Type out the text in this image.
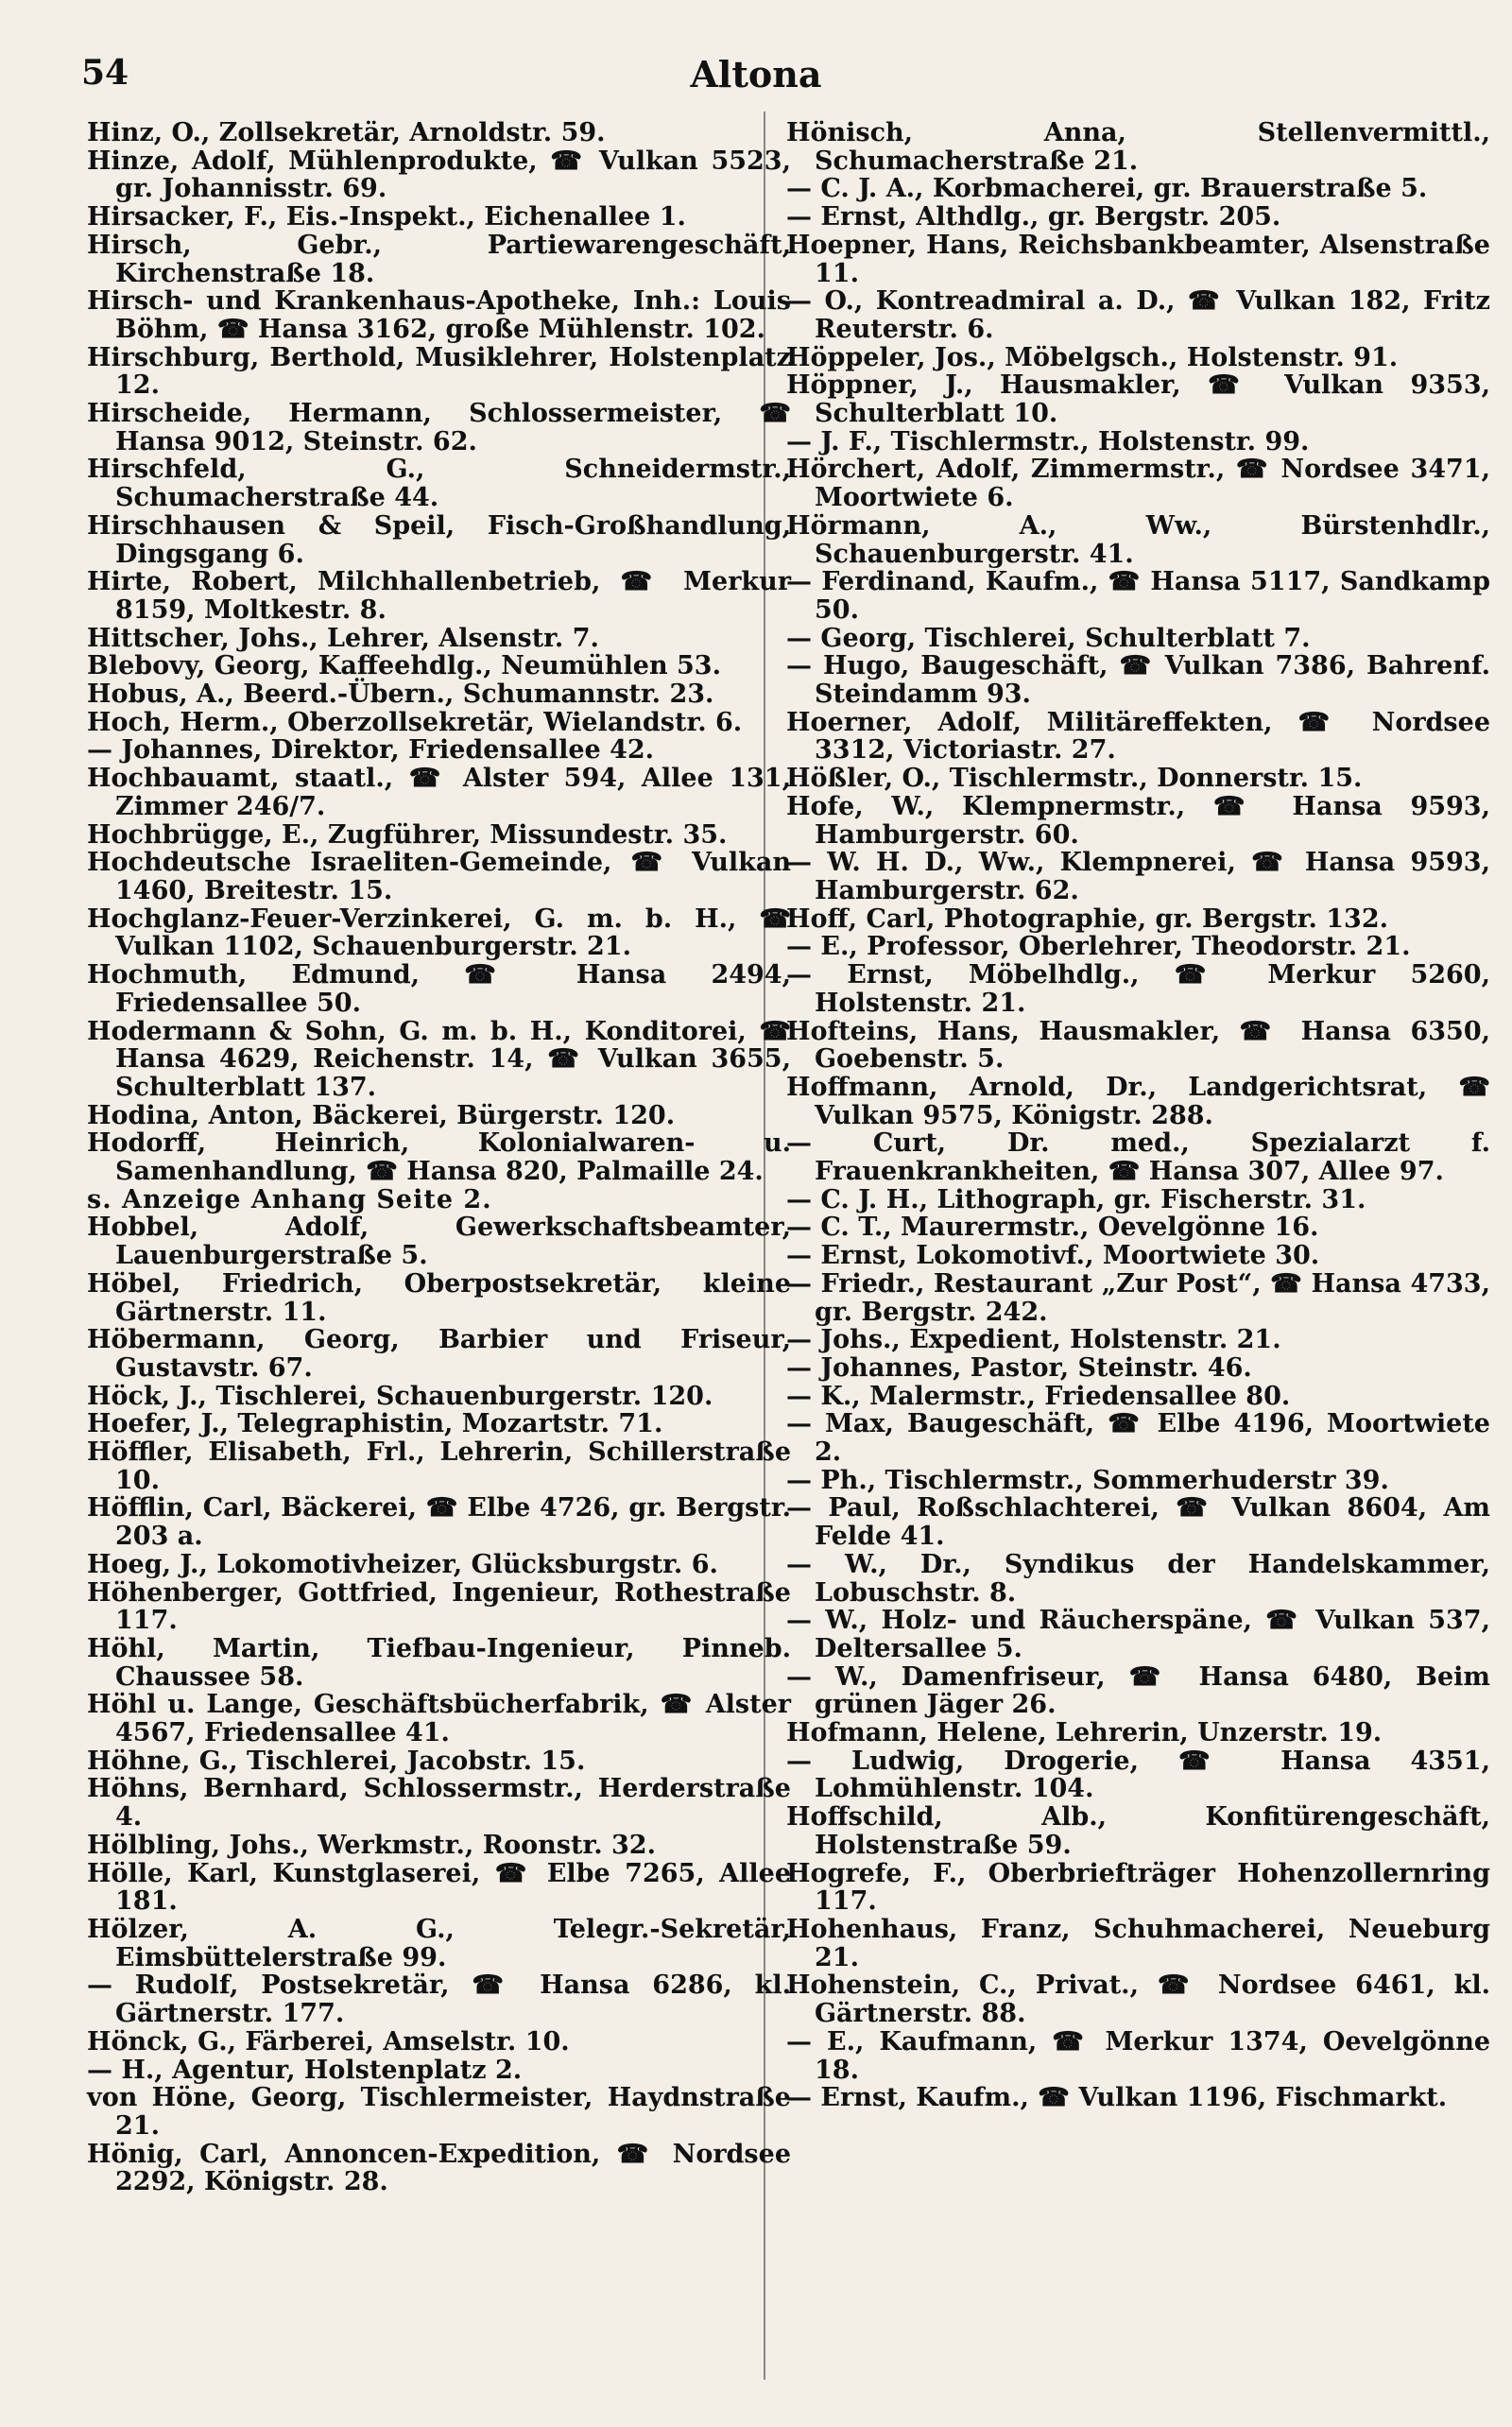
54	Altona
Hinz, O., Zollsekretär, Arnoldstr. 59.
Hinze, Adolf, Mühlenprodukte, ☎ Vulkan 5523, gr. Johannisstr. 69.
Hirsacker, F., Eis.-Inspekt., Eichenallee 1.
Hirsch, Gebr., Partiewarengeschäft, Kirchenstraße 18.
Hirsch- und Krankenhaus-Apotheke, Inh.: Louis Böhm, ☎ Hansa 3162, große Mühlenstr. 102.
Hirschburg, Berthold, Musiklehrer, Holstenplatz 12.
Hirscheide, Hermann, Schlossermeister, ☎ Hansa 9012, Steinstr. 62.
Hirschfeld, G., Schneidermstr., Schumacherstraße 44.
Hirschhausen & Speil, Fisch-Großhandlung, Dingsgang 6.
Hirte, Robert, Milchhallenbetrieb, ☎ Merkur 8159, Moltkestr. 8.
Hittscher, Johs., Lehrer, Alsenstr. 7.
Blebovy, Georg, Kaffeehdlg., Neumühlen 53.
Hobus, A., Beerd.-Übern., Schumannstr. 23.
Hoch, Herm., Oberzollsekretär, Wielandstr. 6.
— Johannes, Direktor, Friedensallee 42.
Hochbauamt, staatl., ☎ Alster 594, Allee 131, Zimmer 246/7.
Hochbrügge, E., Zugführer, Missundestr. 35.
Hochdeutsche Israeliten-Gemeinde, ☎ Vulkan 1460, Breitestr. 15.
Hochglanz-Feuer-Verzinkerei, G. m. b. H., ☎ Vulkan 1102, Schauenburgerstr. 21.
Hochmuth, Edmund, ☎ Hansa 2494, Friedensallee 50.
Hodermann & Sohn, G. m. b. H., Konditorei, ☎ Hansa 4629, Reichenstr. 14, ☎ Vulkan 3655, Schulterblatt 137.
Hodina, Anton, Bäckerei, Bürgerstr. 120.
Hodorff, Heinrich, Kolonialwaren- u. Samenhandlung, ☎ Hansa 820, Palmaille 24.
s. Anzeige Anhang Seite 2.
Hobbel, Adolf, Gewerkschaftsbeamter, Lauenburgerstraße 5.
Höbel, Friedrich, Oberpostsekretär, kleine Gärtnerstr. 11.
Höbermann, Georg, Barbier und Friseur, Gustavstr. 67.
Höck, J., Tischlerei, Schauenburgerstr. 120.
Hoefer, J., Telegraphistin, Mozartstr. 71.
Höffler, Elisabeth, Frl., Lehrerin, Schillerstraße 10.
Höfflin, Carl, Bäckerei, ☎ Elbe 4726, gr. Bergstr. 203 a.
Hoeg, J., Lokomotivheizer, Glücksburgstr. 6.
Höhenberger, Gottfried, Ingenieur, Rothestraße 117.
Höhl, Martin, Tiefbau-Ingenieur, Pinneb. Chaussee 58.
Höhl u. Lange, Geschäftsbücherfabrik, ☎ Alster 4567, Friedensallee 41.
Höhne, G., Tischlerei, Jacobstr. 15.
Höhns, Bernhard, Schlossermstr., Herderstraße 4.
Hölbling, Johs., Werkmstr., Roonstr. 32.
Hölle, Karl, Kunstglaserei, ☎ Elbe 7265, Allee 181.
Hölzer, A. G., Telegr.-Sekretär, Eimsbüttelerstraße 99.
— Rudolf, Postsekretär, ☎ Hansa 6286, kl. Gärtnerstr. 177.
Hönck, G., Färberei, Amselstr. 10.
— H., Agentur, Holstenplatz 2.
von Höne, Georg, Tischlermeister, Haydnstraße 21.
Hönig, Carl, Annoncen-Expedition, ☎ Nordsee 2292, Königstr. 28.
Hönisch, Anna, Stellenvermittl., Schumacherstraße 21.
— C. J. A., Korbmacherei, gr. Brauerstraße 5.
— Ernst, Althdlg., gr. Bergstr. 205.
Hoepner, Hans, Reichsbankbeamter, Alsenstraße 11.
— O., Kontreadmiral a. D., ☎ Vulkan 182, Fritz Reuterstr. 6.
Höppeler, Jos., Möbelgsch., Holstenstr. 91.
Höppner, J., Hausmakler, ☎ Vulkan 9353, Schulterblatt 10.
— J. F., Tischlermstr., Holstenstr. 99.
Hörchert, Adolf, Zimmermstr., ☎ Nordsee 3471, Moortwiete 6.
Hörmann, A., Ww., Bürstenhdlr., Schauenburgerstr. 41.
— Ferdinand, Kaufm., ☎ Hansa 5117, Sandkamp 50.
— Georg, Tischlerei, Schulterblatt 7.
— Hugo, Baugeschäft, ☎ Vulkan 7386, Bahrenf. Steindamm 93.
Hoerner, Adolf, Militäreffekten, ☎ Nordsee 3312, Victoriastr. 27.
Hößler, O., Tischlermstr., Donnerstr. 15.
Hofe, W., Klempnermstr., ☎ Hansa 9593, Hamburgerstr. 60.
— W. H. D., Ww., Klempnerei, ☎ Hansa 9593, Hamburgerstr. 62.
Hoff, Carl, Photographie, gr. Bergstr. 132.
— E., Professor, Oberlehrer, Theodorstr. 21.
— Ernst, Möbelhdlg., ☎ Merkur 5260, Holstenstr. 21.
Hofteins, Hans, Hausmakler, ☎ Hansa 6350, Goebenstr. 5.
Hoffmann, Arnold, Dr., Landgerichtsrat, ☎ Vulkan 9575, Königstr. 288.
— Curt, Dr. med., Spezialarzt f. Frauenkrankheiten, ☎ Hansa 307, Allee 97.
— C. J. H., Lithograph, gr. Fischerstr. 31.
— C. T., Maurermstr., Oevelgönne 16.
— Ernst, Lokomotivf., Moortwiete 30.
— Friedr., Restaurant „Zur Post“, ☎ Hansa 4733, gr. Bergstr. 242.
— Johs., Expedient, Holstenstr. 21.
— Johannes, Pastor, Steinstr. 46.
— K., Malermstr., Friedensallee 80.
— Max, Baugeschäft, ☎ Elbe 4196, Moortwiete 2.
— Ph., Tischlermstr., Sommerhuderstr 39.
— Paul, Roßschlachterei, ☎ Vulkan 8604, Am Felde 41.
— W., Dr., Syndikus der Handelskammer, Lobuschstr. 8.
— W., Holz- und Räucherspäne, ☎ Vulkan 537, Deltersallee 5.
— W., Damenfriseur, ☎ Hansa 6480, Beim grünen Jäger 26.
Hofmann, Helene, Lehrerin, Unzerstr. 19.
— Ludwig, Drogerie, ☎ Hansa 4351, Lohmühlenstr. 104.
Hoffschild, Alb., Konfitürengeschäft, Holstenstraße 59.
Hogrefe, F., Oberbriefträger Hohenzollernring 117.
Hohenhaus, Franz, Schuhmacherei, Neueburg 21.
Hohenstein, C., Privat., ☎ Nordsee 6461, kl. Gärtnerstr. 88.
— E., Kaufmann, ☎ Merkur 1374, Oevelgönne 18.
— Ernst, Kaufm., ☎ Vulkan 1196, Fischmarkt.
